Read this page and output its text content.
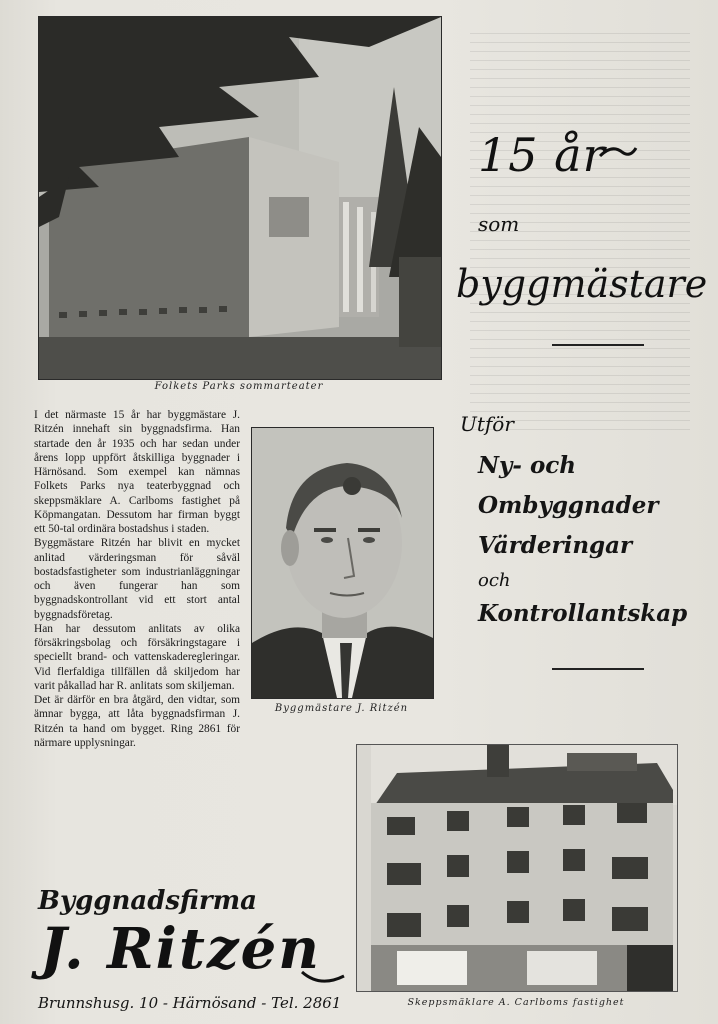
Folkets Parks sommarteater
15 år
som
byggmästare
Utför
Ny- och
Ombyggnader
Värderingar
och
Kontrollantskap

I det närmaste 15 år har byggmästare J. Ritzén innehaft sin byggnadsfirma. Han startade den år 1935 och har sedan under årens lopp uppfört åtskilliga byggnader i Härnösand. Som exempel kan nämnas Folkets Parks nya teaterbyggnad och skeppsmäklare A. Carlboms fastighet på Köpmangatan. Dessutom har firman byggt ett 50-tal ordinära bostadshus i staden.

Byggmästare Ritzén har blivit en mycket anlitad värderingsman för såväl bostadsfastigheter som industrianläggningar och även fungerar han som byggnadskontrollant vid ett stort antal byggnadsföretag.

Han har dessutom anlitats av olika försäkringsbolag och försäkringstagare i speciellt brand- och vattenskaderegleringar. Vid flerfaldiga tillfällen då skiljedom har varit påkallad har R. anlitats som skiljeman.

Det är därför en bra åtgärd, den vidtar, som ämnar bygga, att låta byggnadsfirman J. Ritzén ta hand om bygget. Ring 2861 för närmare upplysningar.

Byggmästare J. Ritzén
Skeppsmäklare A. Carlboms fastighet
Byggnadsfirma
J. Ritzén
Brunnshusg. 10 - Härnösand - Tel. 2861
